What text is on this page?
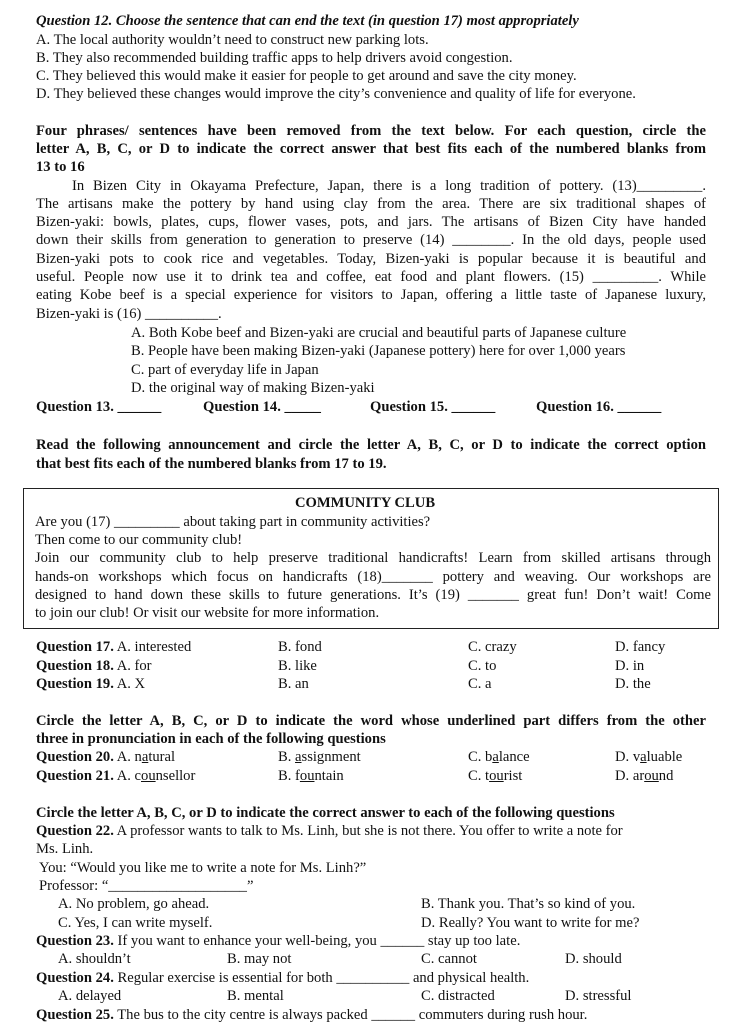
Question 12. Choose the sentence that can end the text (in question 17) most appropriately
A. The local authority wouldn’t need to construct new parking lots.
B. They also recommended building traffic apps to help drivers avoid congestion.
C. They believed this would make it easier for people to get around and save the city money.
D. They believed these changes would improve the city’s convenience and quality of life for everyone.
Four phrases/ sentences have been removed from the text below. For each question, circle the
letter A, B, C, or D to indicate the correct answer that best fits each of the numbered blanks from
13 to 16
In Bizen City in Okayama Prefecture, Japan, there is a long tradition of pottery. (13)_________.
The artisans make the pottery by hand using clay from the area. There are six traditional shapes of
Bizen-yaki: bowls, plates, cups, flower vases, pots, and jars. The artisans of Bizen City have handed
down their skills from generation to generation to preserve (14) ________. In the old days, people used
Bizen-yaki pots to cook rice and vegetables. Today, Bizen-yaki is popular because it is beautiful and
useful. People now use it to drink tea and coffee, eat food and plant flowers. (15) _________. While
eating Kobe beef is a special experience for visitors to Japan, offering a little taste of Japanese luxury,
Bizen-yaki is (16) __________.
A. Both Kobe beef and Bizen-yaki are crucial and beautiful parts of Japanese culture
B. People have been making Bizen-yaki (Japanese pottery) here for over 1,000 years
C. part of everyday life in Japan
D. the original way of making Bizen-yaki
Question 13. ______	Question 14. _____	Question 15. ______	Question 16. ______
Read the following announcement and circle the letter A, B, C, or D to indicate the correct option
that best fits each of the numbered blanks from 17 to 19.
COMMUNITY CLUB
Are you (17) _________ about taking part in community activities?
Then come to our community club!
Join our community club to help preserve traditional handicrafts! Learn from skilled artisans through
hands-on workshops which focus on handicrafts (18)_______ pottery and weaving. Our workshops are
designed to hand down these skills to future generations. It’s (19) _______ great fun! Don’t wait! Come
to join our club! Or visit our website for more information.
Question 17. A. interested	B. fond	C. crazy	D. fancy
Question 18. A. for	B. like	C. to	D. in
Question 19. A. X	B. an	C. a	D. the
Circle the letter A, B, C, or D to indicate the word whose underlined part differs from the other
three in pronunciation in each of the following questions
Question 20. A. natural	B. assignment	C. balance	D. valuable
Question 21. A. counsellor	B. fountain	C. tourist	D. around
Circle the letter A, B, C, or D to indicate the correct answer to each of the following questions
Question 22. A professor wants to talk to Ms. Linh, but she is not there. You offer to write a note for
Ms. Linh.
You: “Would you like me to write a note for Ms. Linh?”
Professor: “___________________”
A. No problem, go ahead.	B. Thank you. That’s so kind of you.
C. Yes, I can write myself.	D. Really? You want to write for me?
Question 23. If you want to enhance your well-being, you ______ stay up too late.
A. shouldn’t	B. may not	C. cannot	D. should
Question 24. Regular exercise is essential for both __________ and physical health.
A. delayed	B. mental	C. distracted	D. stressful
Question 25. The bus to the city centre is always packed ______ commuters during rush hour.
